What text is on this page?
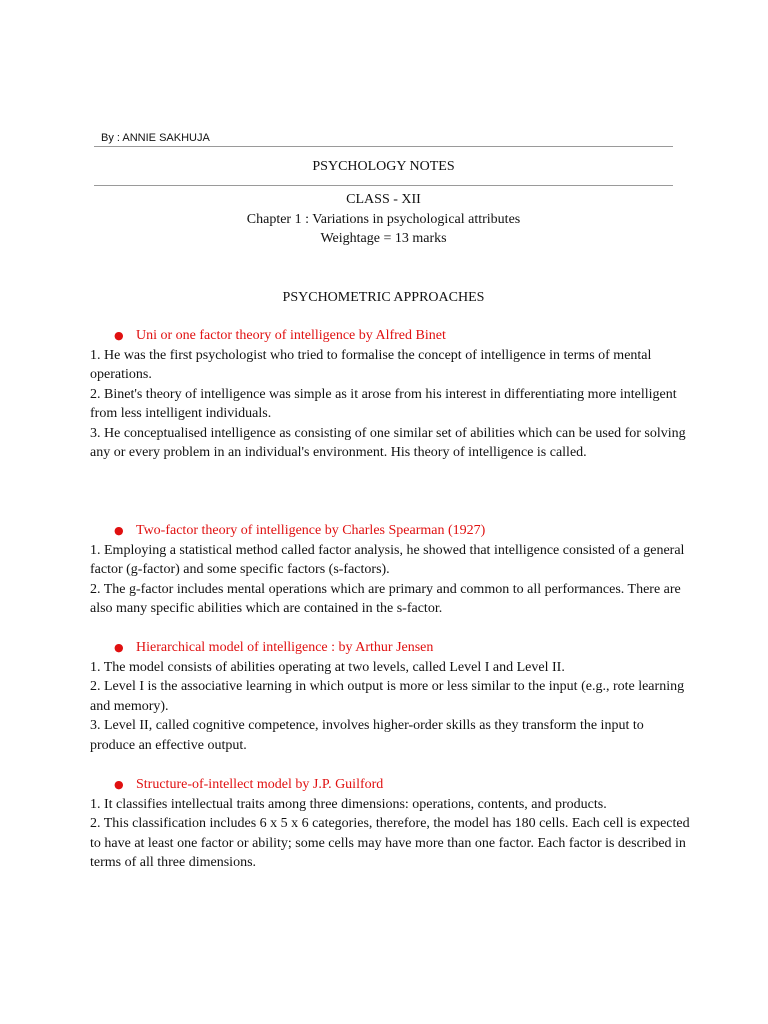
By : ANNIE SAKHUJA
PSYCHOLOGY NOTES
CLASS - XII
Chapter 1 : Variations in psychological attributes
Weightage = 13 marks
PSYCHOMETRIC APPROACHES
● Uni or one factor theory of intelligence by Alfred Binet

1. He was the first psychologist who tried to formalise the concept of intelligence in terms of mental operations.

2. Binet's theory of intelligence was simple as it arose from his interest in differentiating more intelligent from less intelligent individuals.

3. He conceptualised intelligence as consisting of one similar set of abilities which can be used for solving any or every problem in an individual's environment. His theory of intelligence is called.

● Two-factor theory of intelligence by Charles Spearman (1927)

1. Employing a statistical method called factor analysis, he showed that intelligence consisted of a general factor (g-factor) and some specific factors (s-factors).

2. The g-factor includes mental operations which are primary and common to all performances. There are also many specific abilities which are contained in the s-factor.

● Hierarchical model of intelligence : by Arthur Jensen

1. The model consists of abilities operating at two levels, called Level I and Level II.

2. Level I is the associative learning in which output is more or less similar to the input (e.g., rote learning and memory).

3. Level II, called cognitive competence, involves higher-order skills as they transform the input to produce an effective output.

● Structure-of-intellect model by J.P. Guilford

1. It classifies intellectual traits among three dimensions: operations, contents, and products.

2. This classification includes 6 x 5 x 6 categories, therefore, the model has 180 cells. Each cell is expected to have at least one factor or ability; some cells may have more than one factor. Each factor is described in terms of all three dimensions.
